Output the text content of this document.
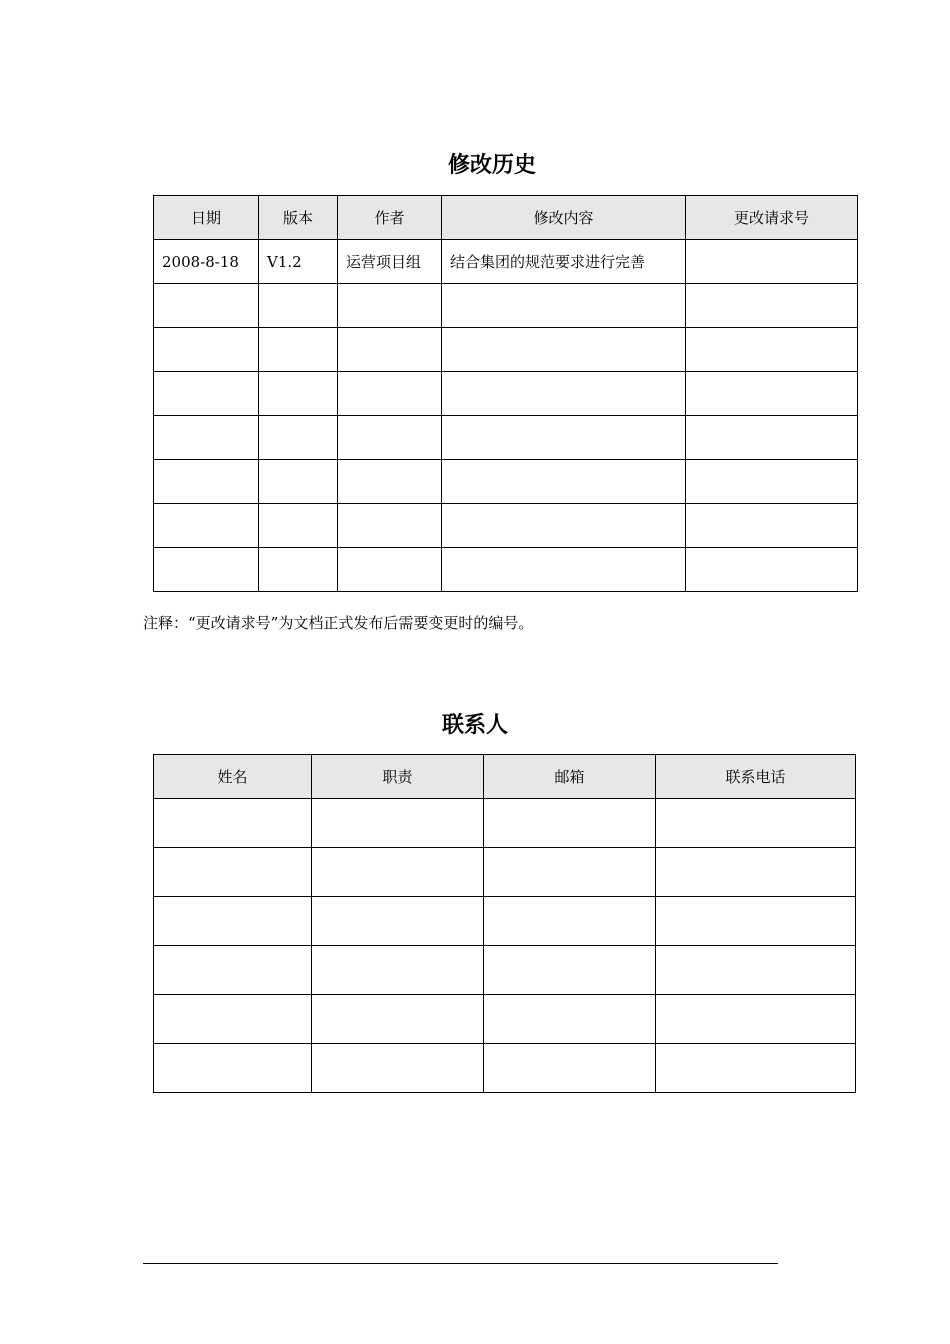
修改历史
日期	版本	作者	修改内容	更改请求号
2008-8-18	V1.2	运营项目组	结合集团的规范要求进行完善	

注释：“更改请求号”为文档正式发布后需要变更时的编号。

联系人
姓名	职责	邮箱	联系电话
